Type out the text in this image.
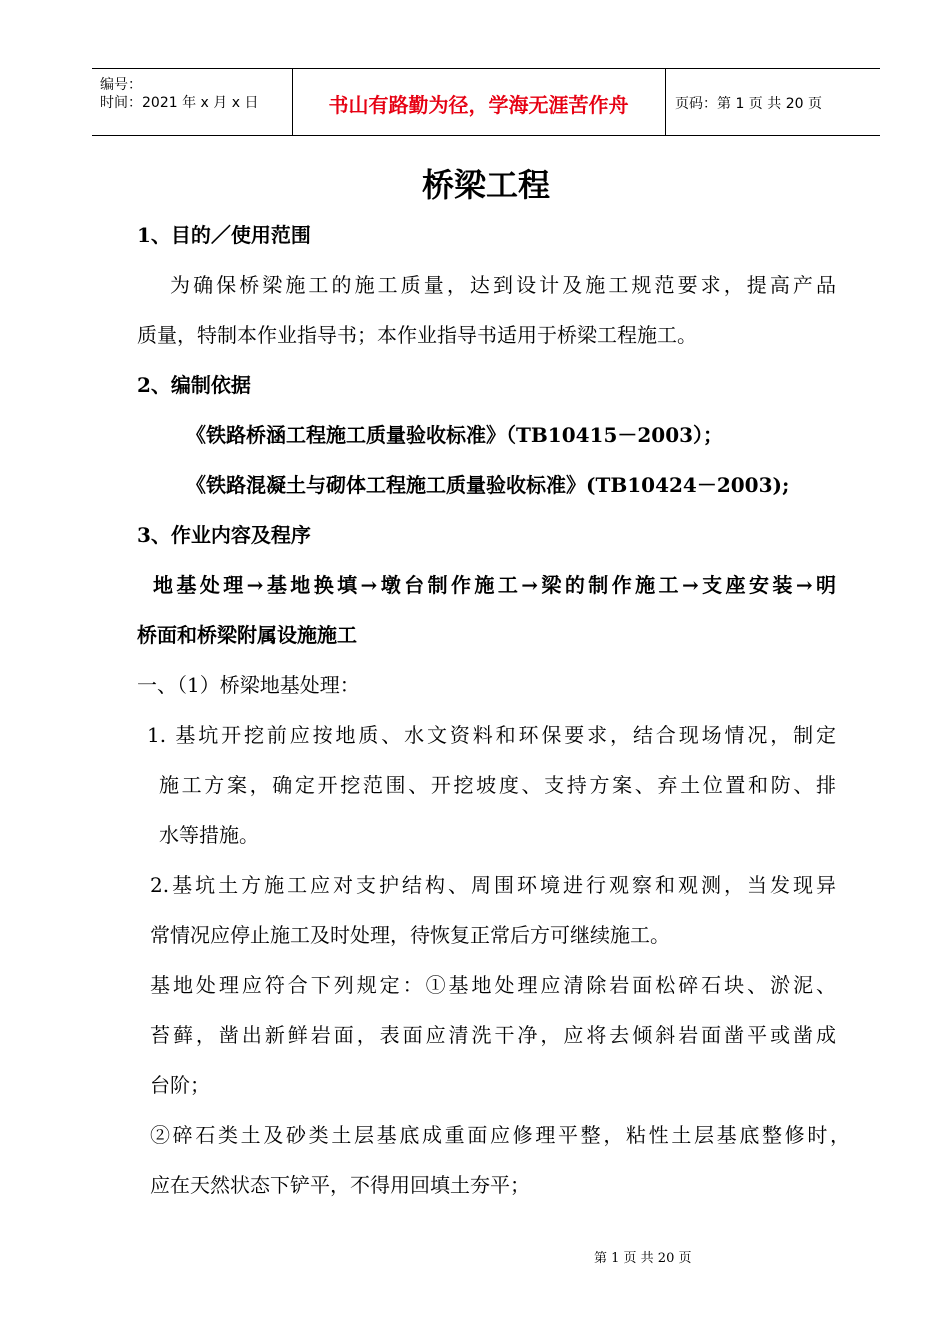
编号：
时间：2021 年 x 月 x 日	书山有路勤为径，学海无涯苦作舟	页码：第 1 页 共 20 页
桥梁工程
1、目的／使用范围
为确保桥梁施工的施工质量，达到设计及施工规范要求，提高产品
质量，特制本作业指导书；本作业指导书适用于桥梁工程施工。
2、编制依据
《铁路桥涵工程施工质量验收标准》（TB10415－2003）；
《铁路混凝土与砌体工程施工质量验收标准》(TB10424－2003);
3、作业内容及程序
地基处理→基地换填→墩台制作施工→梁的制作施工→支座安装→明
桥面和桥梁附属设施施工
一、（1）桥梁地基处理：
1. 基坑开挖前应按地质、水文资料和环保要求，结合现场情况，制定
施工方案，确定开挖范围、开挖坡度、支持方案、弃土位置和防、排
水等措施。
2.基坑土方施工应对支护结构、周围环境进行观察和观测，当发现异
常情况应停止施工及时处理，待恢复正常后方可继续施工。
基地处理应符合下列规定：①基地处理应清除岩面松碎石块、淤泥、
苔藓，凿出新鲜岩面，表面应清洗干净，应将去倾斜岩面凿平或凿成
台阶；
②碎石类土及砂类土层基底成重面应修理平整，粘性土层基底整修时，
应在天然状态下铲平，不得用回填土夯平；
第 1 页 共 20 页
